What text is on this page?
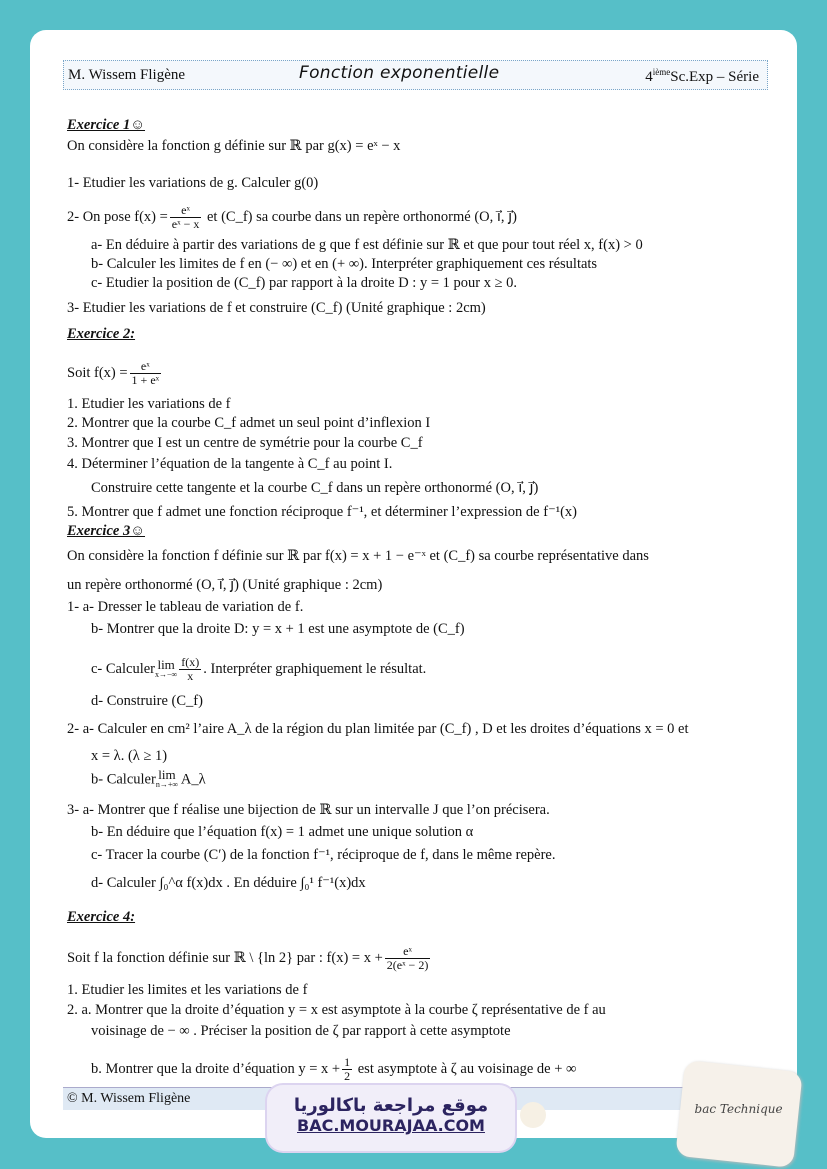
M. Wissem Fligène	Fonction exponentielle	4ièmeSc.Exp – Série
Exercice 1☺
On considère la fonction g définie sur ℝ par g(x) = eˣ − x
1- Etudier les variations de g. Calculer g(0)
2- On pose $f(x) = \frac{\text{eˣ}}{\text{eˣ − x}}$ et (C_f) sa courbe dans un repère orthonormé (O, i⃗, j⃗)
a- En déduire à partir des variations de g que f est définie sur ℝ et que pour tout réel x, f(x) > 0
b- Calculer les limites de f en (− ∞) et en (+ ∞). Interpréter graphiquement ces résultats
c- Etudier la position de (C_f) par rapport à la droite D : y = 1 pour x ≥ 0.
3- Etudier les variations de f et construire (C_f) (Unité graphique : 2cm)
Exercice 2:
Soit $f(x) = \frac{\text{eˣ}}{\text{1 + eˣ}}$
1. Etudier les variations de f
2. Montrer que la courbe C_f admet un seul point d’inflexion I
3. Montrer que I est un centre de symétrie pour la courbe C_f
4. Déterminer l’équation de la tangente à C_f au point I.
Construire cette tangente et la courbe C_f dans un repère orthonormé (O, i⃗, j⃗)
5. Montrer que f admet une fonction réciproque f⁻¹, et déterminer l’expression de f⁻¹(x)
Exercice 3☺
On considère la fonction f définie sur ℝ par f(x) = x + 1 − e⁻ˣ et (C_f) sa courbe représentative dans
un repère orthonormé (O, i⃗, j⃗) (Unité graphique : 2cm)
1- a- Dresser le tableau de variation de f.
b- Montrer que la droite D: y = x + 1 est une asymptote de (C_f)
c- Calculer lim
$x\to-\infty \frac{f(x)}{x}$ . Interpréter graphiquement le résultat.
d- Construire (C_f)
2- a- Calculer en cm² l’aire A_λ de la région du plan limitée par (C_f) , D et les droites d’équations x = 0 et
x = λ. (λ ≥ 1)
b- Calculer lim
n→+∞ A_λ
3- a- Montrer que f réalise une bijection de ℝ sur un intervalle J que l’on précisera.
b- En déduire que l’équation f(x) = 1 admet une unique solution α
c- Tracer la courbe (C′) de la fonction f⁻¹, réciproque de f, dans le même repère.
d- Calculer ∫₀^α f(x)dx . En déduire ∫₀¹ f⁻¹(x)dx
Exercice 4:
Soit f la fonction définie sur ℝ \ {ln 2} par : $f(x) = x + \frac{\text{eˣ}}{\text{2(eˣ − 2)}}$
1. Etudier les limites et les variations de f
2. a. Montrer que la droite d’équation y = x est asymptote à la courbe ζ représentative de f au
voisinage de − ∞ . Préciser la position de ζ par rapport à cette asymptote
b. Montrer que la droite d’équation $y = x + \frac{1}{2}$ est asymptote à ζ au voisinage de + ∞
© M. Wissem Fligène	موقع مراجعة باكالوريا
BAC.MOURAJAA.COM
bac Technique
